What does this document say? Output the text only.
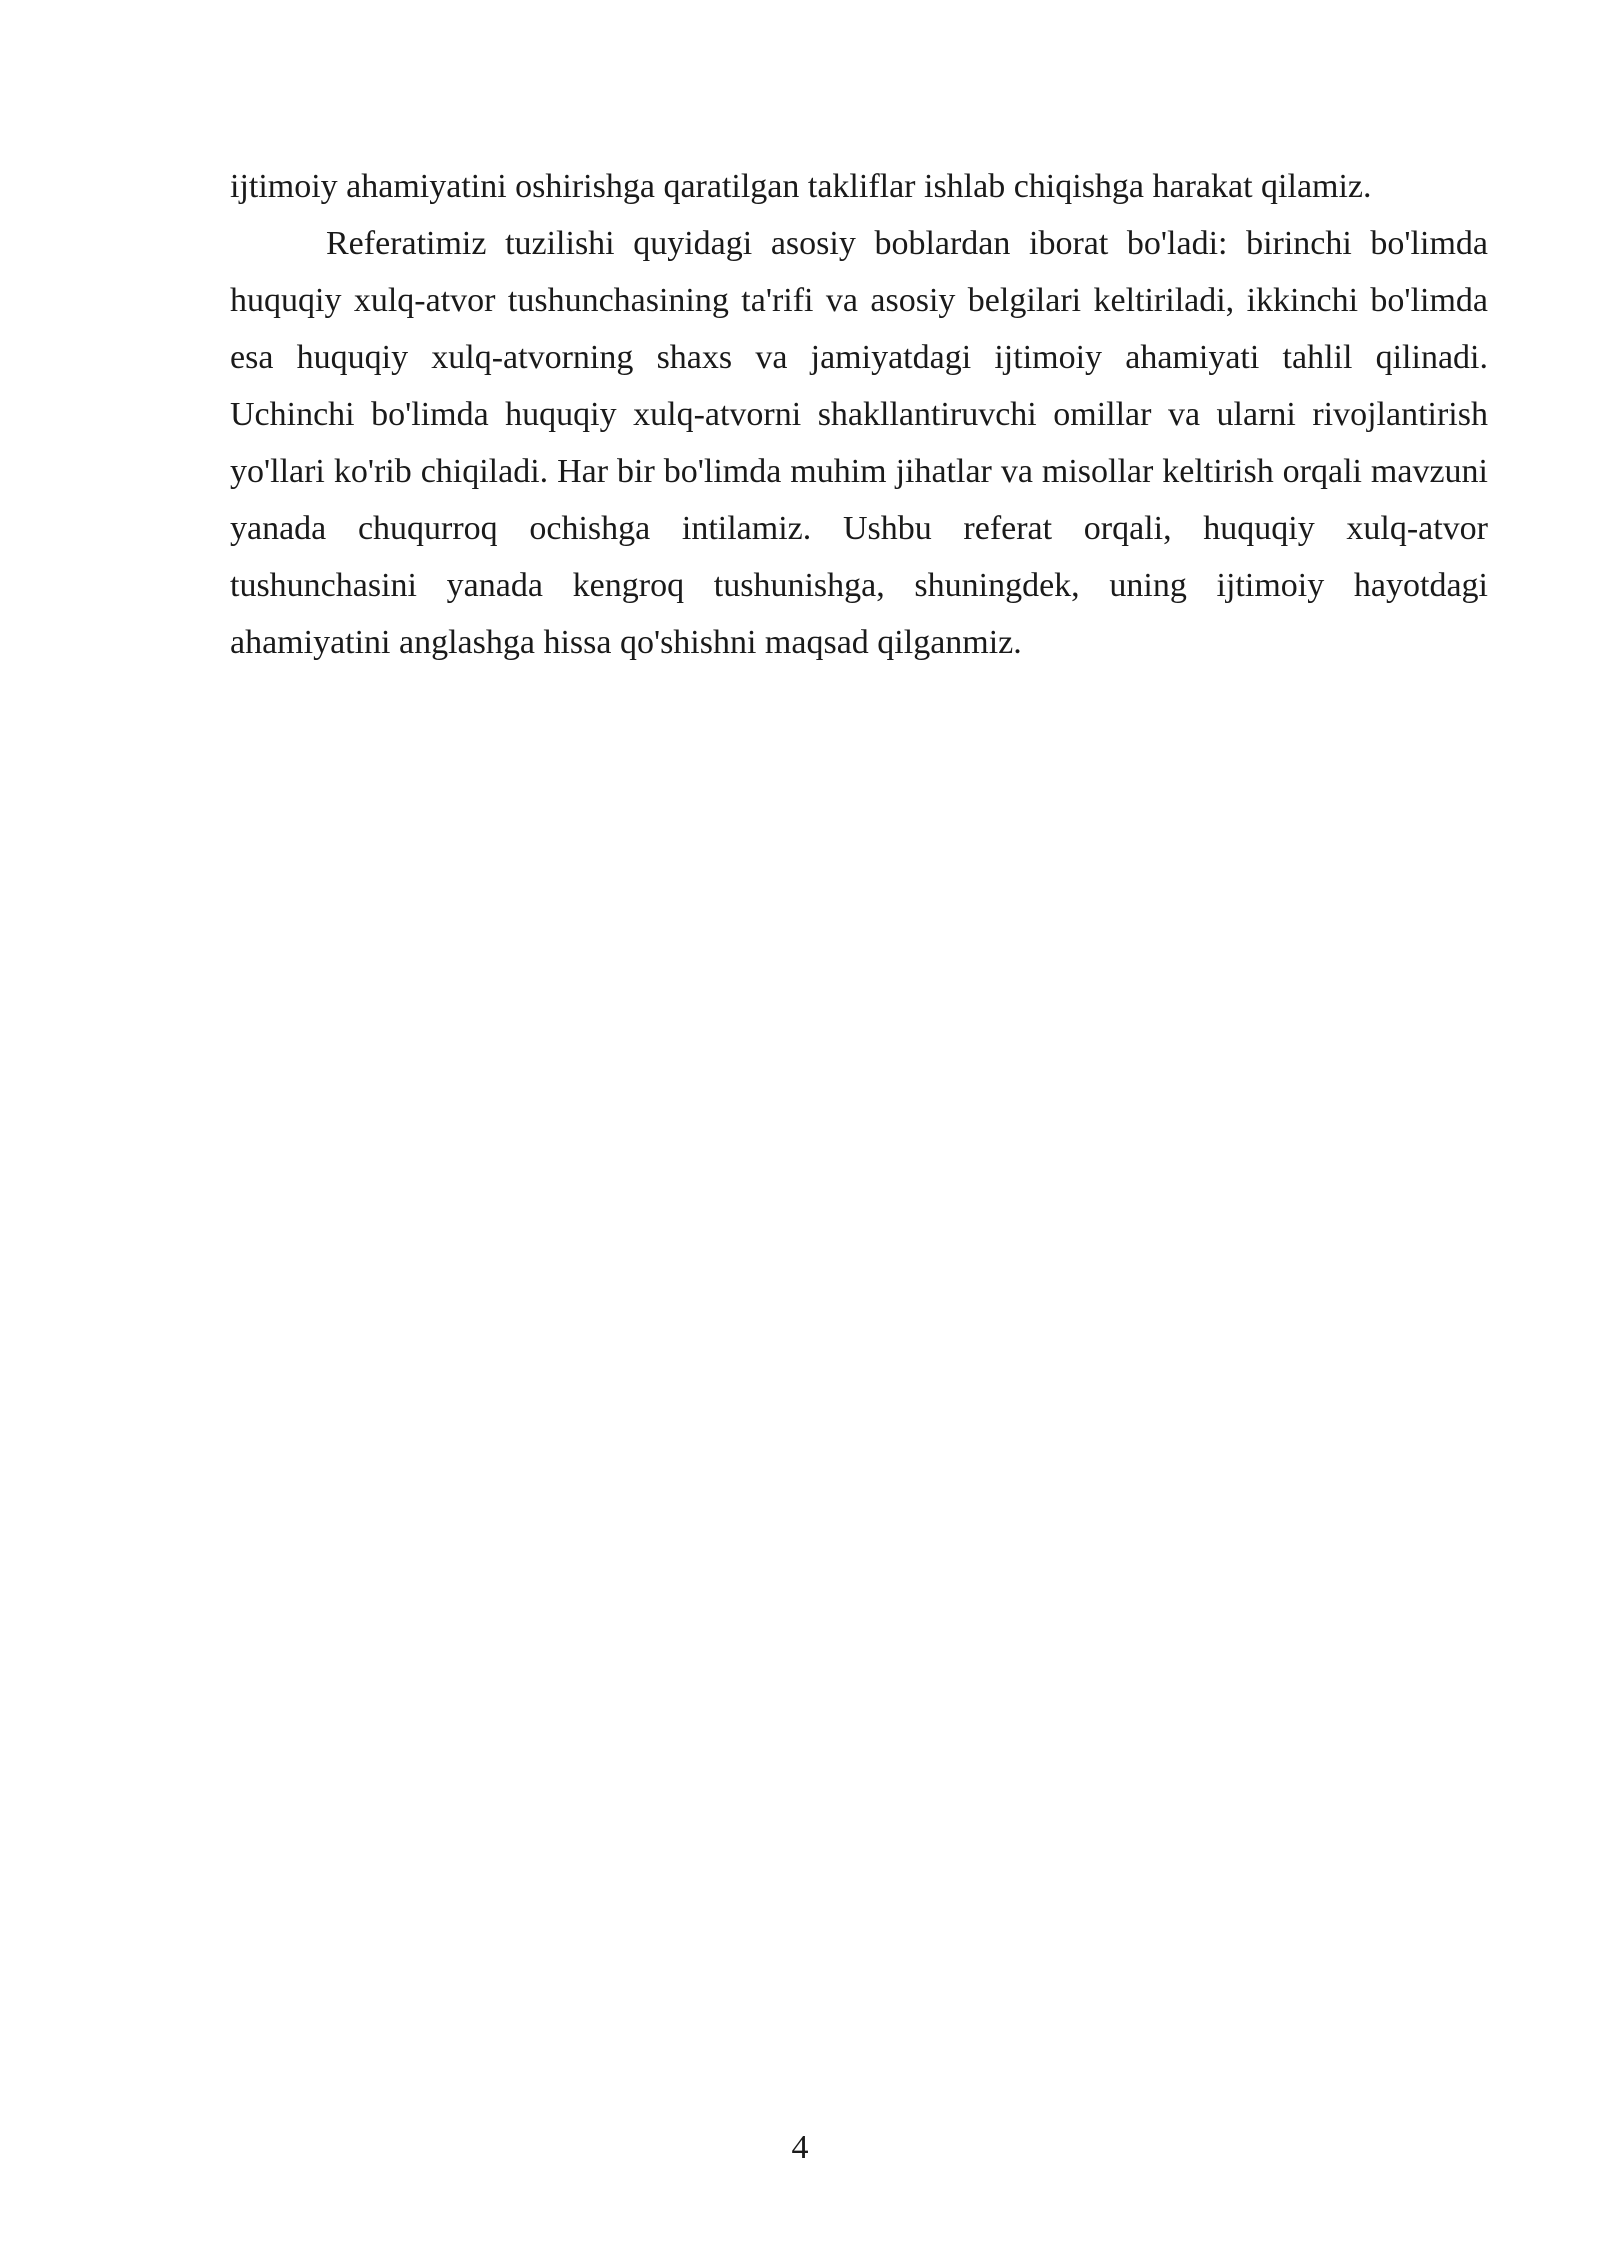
ijtimoiy ahamiyatini oshirishga qaratilgan takliflar ishlab chiqishga harakat qilamiz.

Referatimiz tuzilishi quyidagi asosiy boblardan iborat bo'ladi: birinchi bo'limda huquqiy xulq-atvor tushunchasining ta'rifi va asosiy belgilari keltiriladi, ikkinchi bo'limda esa huquqiy xulq-atvorning shaxs va jamiyatdagi ijtimoiy ahamiyati tahlil qilinadi. Uchinchi bo'limda huquqiy xulq-atvorni shakllantiruvchi omillar va ularni rivojlantirish yo'llari ko'rib chiqiladi. Har bir bo'limda muhim jihatlar va misollar keltirish orqali mavzuni yanada chuqurroq ochishga intilamiz. Ushbu referat orqali, huquqiy xulq-atvor tushunchasini yanada kengroq tushunishga, shuningdek, uning ijtimoiy hayotdagi ahamiyatini anglashga hissa qo'shishni maqsad qilganmiz.

4
